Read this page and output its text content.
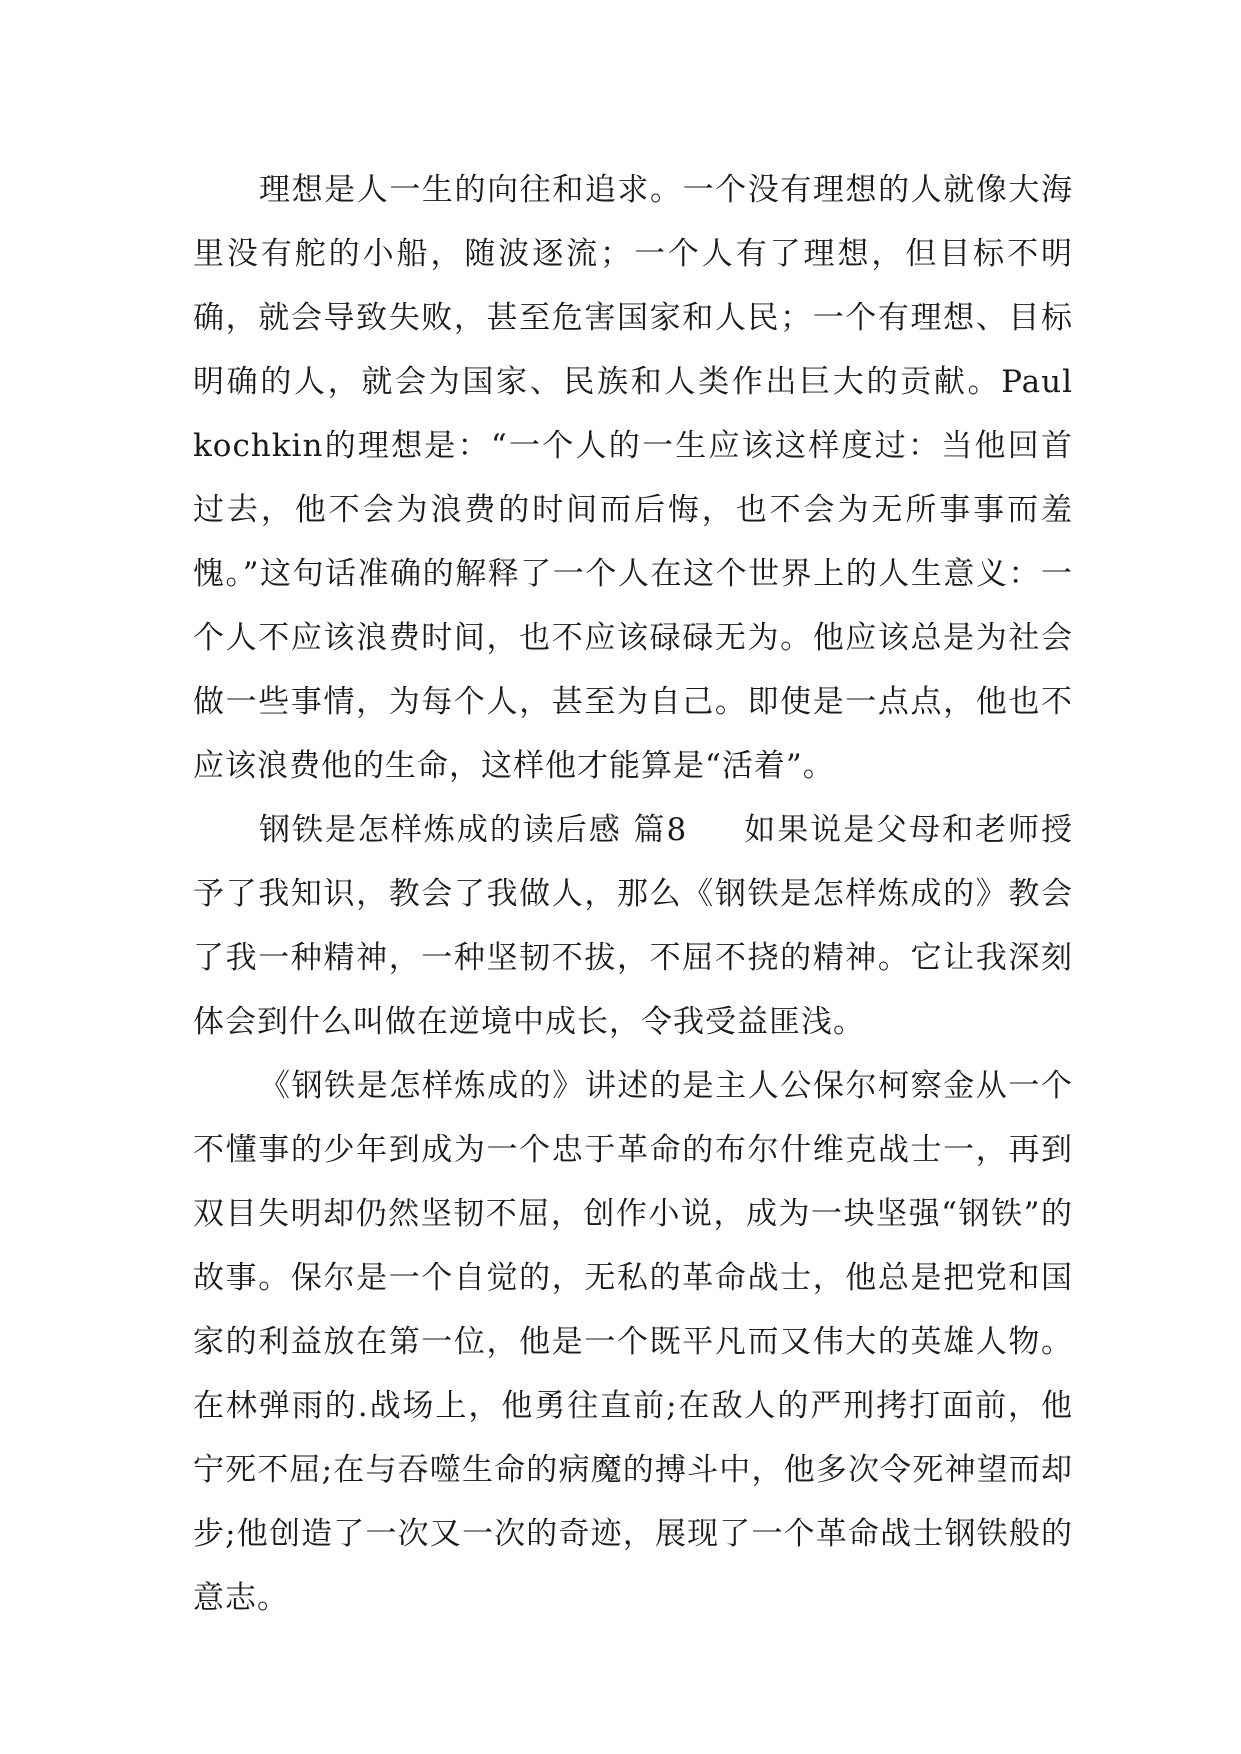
理想是人一生的向往和追求。一个没有理想的人就像大海里没有舵的小船，随波逐流；一个人有了理想，但目标不明确，就会导致失败，甚至危害国家和人民；一个有理想、目标明确的人，就会为国家、民族和人类作出巨大的贡献。Paul kochkin的理想是：“一个人的一生应该这样度过：当他回首过去，他不会为浪费的时间而后悔，也不会为无所事事而羞愧。”这句话准确的解释了一个人在这个世界上的人生意义：一个人不应该浪费时间，也不应该碌碌无为。他应该总是为社会做一些事情，为每个人，甚至为自己。即使是一点点，他也不应该浪费他的生命，这样他才能算是“活着”。

钢铁是怎样炼成的读后感 篇8 如果说是父母和老师授予了我知识，教会了我做人，那么《钢铁是怎样炼成的》教会了我一种精神，一种坚韧不拔，不屈不挠的精神。它让我深刻体会到什么叫做在逆境中成长，令我受益匪浅。

《钢铁是怎样炼成的》讲述的是主人公保尔柯察金从一个不懂事的少年到成为一个忠于革命的布尔什维克战士一，再到双目失明却仍然坚韧不屈，创作小说，成为一块坚强“钢铁”的故事。保尔是一个自觉的，无私的革命战士，他总是把党和国家的利益放在第一位，他是一个既平凡而又伟大的英雄人物。在林弹雨的.战场上，他勇往直前;在敌人的严刑拷打面前，他宁死不屈;在与吞噬生命的病魔的搏斗中，他多次令死神望而却步;他创造了一次又一次的奇迹，展现了一个革命战士钢铁般的意志。
